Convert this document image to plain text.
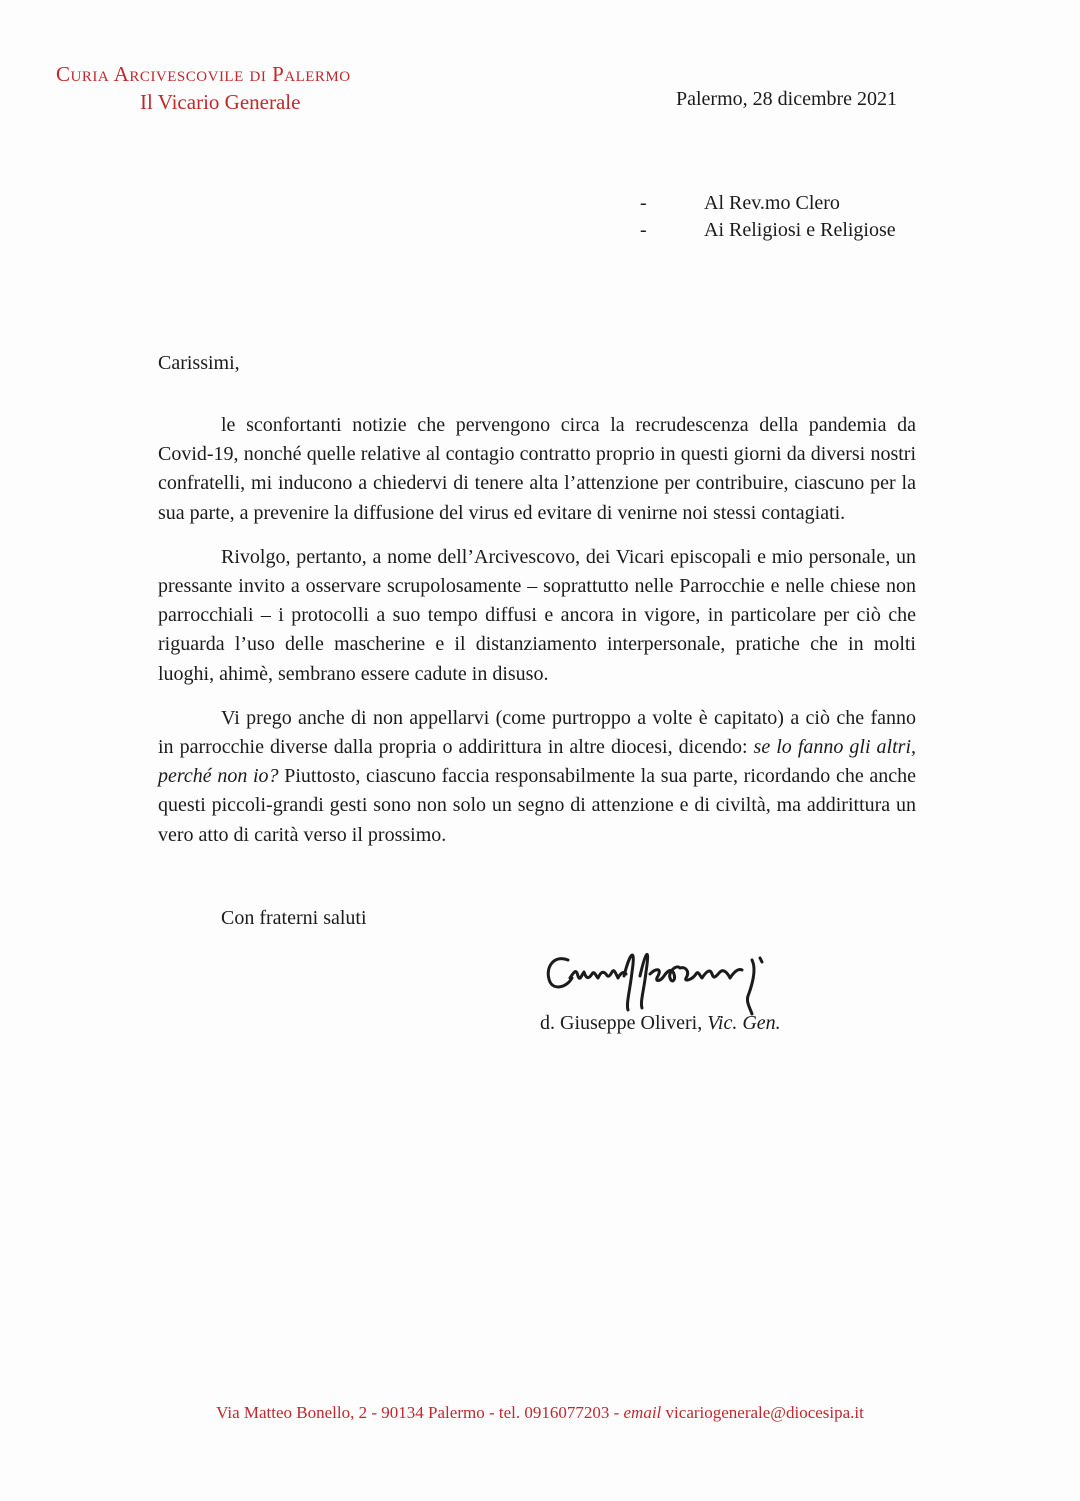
Curia Arcivescovile di Palermo
Il Vicario Generale	Palermo, 28 dicembre 2021
-	Al Rev.mo Clero
-	Ai Religiosi e Religiose
Carissimi,

le sconfortanti notizie che pervengono circa la recrudescenza della pandemia da Covid-19, nonché quelle relative al contagio contratto proprio in questi giorni da diversi nostri confratelli, mi inducono a chiedervi di tenere alta l’attenzione per contribuire, ciascuno per la sua parte, a prevenire la diffusione del virus ed evitare di venirne noi stessi contagiati.

Rivolgo, pertanto, a nome dell’Arcivescovo, dei Vicari episcopali e mio personale, un pressante invito a osservare scrupolosamente – soprattutto nelle Parrocchie e nelle chiese non parrocchiali – i protocolli a suo tempo diffusi e ancora in vigore, in particolare per ciò che riguarda l’uso delle mascherine e il distanziamento interpersonale, pratiche che in molti luoghi, ahimè, sembrano essere cadute in disuso.

Vi prego anche di non appellarvi (come purtroppo a volte è capitato) a ciò che fanno in parrocchie diverse dalla propria o addirittura in altre diocesi, dicendo: se lo fanno gli altri, perché non io? Piuttosto, ciascuno faccia responsabilmente la sua parte, ricordando che anche questi piccoli-grandi gesti sono non solo un segno di attenzione e di civiltà, ma addirittura un vero atto di carità verso il prossimo.

Con fraterni saluti
d. Giuseppe Oliveri, Vic. Gen.
Via Matteo Bonello, 2 - 90134 Palermo - tel. 0916077203 - email vicariogenerale@diocesipa.it
